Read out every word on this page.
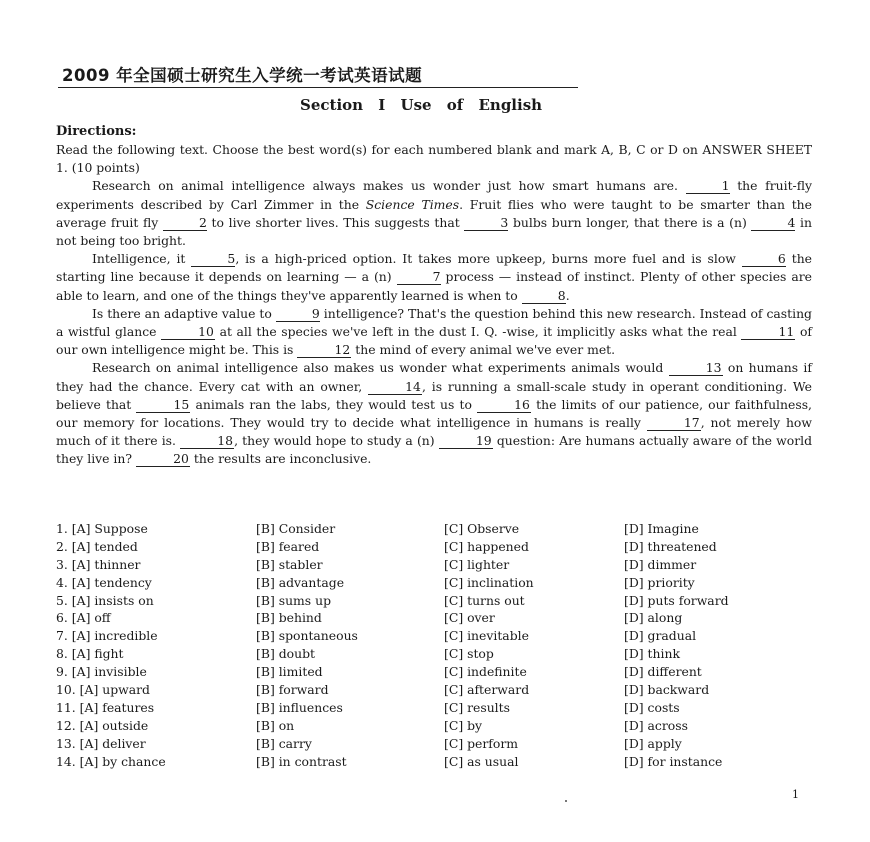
2009 年全国硕士研究生入学统一考试英语试题
Section Ⅰ Use of English
Directions:

Read the following text. Choose the best word(s) for each numbered blank and mark A, B, C or D on ANSWER SHEET 1. (10 points)

Research on animal intelligence always makes us wonder just how smart humans are.	1 the fruit-fly experiments described by Carl Zimmer in the Science Times. Fruit flies who were taught to be smarter than the average fruit fly	2 to live shorter lives. This suggests that	3 bulbs burn longer, that there is a (n)	4 in not being too bright.

Intelligence, it	5, is a high-priced option. It takes more upkeep, burns more fuel and is slow	6 the starting line because it depends on learning — a (n)	7 process — instead of instinct. Plenty of other species are able to learn, and one of the things they've apparently learned is when to	8.

Is there an adaptive value to	9 intelligence? That's the question behind this new research. Instead of casting a wistful glance	10 at all the species we've left in the dust I. Q. -wise, it implicitly asks what the real	11 of our own intelligence might be. This is	12 the mind of every animal we've ever met.

Research on animal intelligence also makes us wonder what experiments animals would	13 on humans if they had the chance. Every cat with an owner,	14, is running a small-scale study in operant conditioning. We believe that	15 animals ran the labs, they would test us to	16 the limits of our patience, our faithfulness, our memory for locations. They would try to decide what intelligence in humans is really	17, not merely how much of it there is.	18, they would hope to study a (n)	19 question: Are humans actually aware of the world they live in?	20 the results are inconclusive.

1. [A] Suppose	[B] Consider	[C] Observe	[D] Imagine
2. [A] tended	[B] feared	[C] happened	[D] threatened
3. [A] thinner	[B] stabler	[C] lighter	[D] dimmer
4. [A] tendency	[B] advantage	[C] inclination	[D] priority
5. [A] insists on	[B] sums up	[C] turns out	[D] puts forward
6. [A] off	[B] behind	[C] over	[D] along
7. [A] incredible	[B] spontaneous	[C] inevitable	[D] gradual
8. [A] fight	[B] doubt	[C] stop	[D] think
9. [A] invisible	[B] limited	[C] indefinite	[D] different
10. [A] upward	[B] forward	[C] afterward	[D] backward
11. [A] features	[B] influences	[C] results	[D] costs
12. [A] outside	[B] on	[C] by	[D] across
13. [A] deliver	[B] carry	[C] perform	[D] apply
14. [A] by chance	[B] in contrast	[C] as usual	[D] for instance
1
